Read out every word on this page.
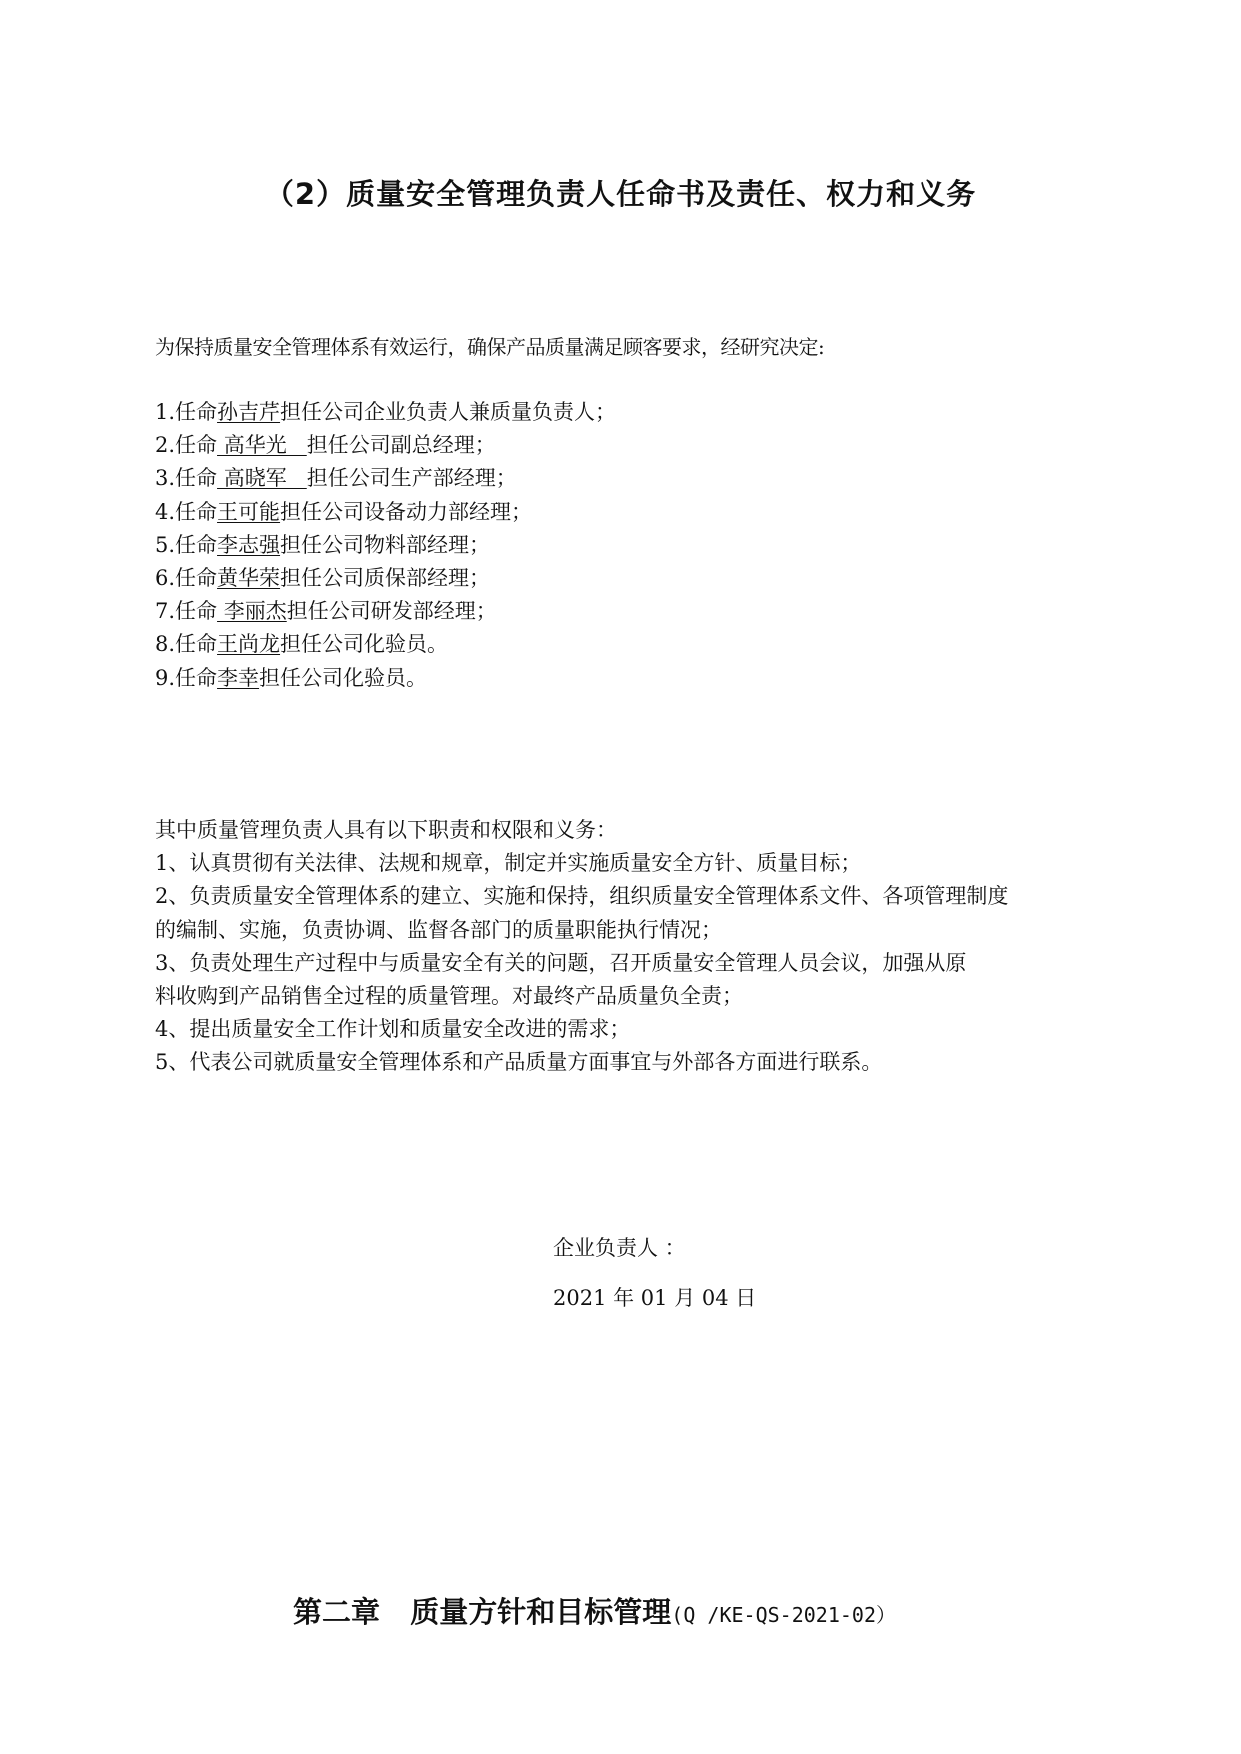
（2）质量安全管理负责人任命书及责任、权力和义务

为保持质量安全管理体系有效运行，确保产品质量满足顾客要求，经研究决定:

1.任命孙吉芹担任公司企业负责人兼质量负责人；
2.任命 高华光   担任公司副总经理；
3.任命 高晓军   担任公司生产部经理；
4.任命王可能担任公司设备动力部经理；
5.任命李志强担任公司物料部经理；
6.任命黄华荣担任公司质保部经理；
7.任命 李丽杰担任公司研发部经理；
8.任命王尚龙担任公司化验员。
9.任命李幸担任公司化验员。
其中质量管理负责人具有以下职责和权限和义务：
1、认真贯彻有关法律、法规和规章，制定并实施质量安全方针、质量目标；
2、负责质量安全管理体系的建立、实施和保持，组织质量安全管理体系文件、各项管理制度
的编制、实施，负责协调、监督各部门的质量职能执行情况；
3、负责处理生产过程中与质量安全有关的问题，召开质量安全管理人员会议，加强从原
料收购到产品销售全过程的质量管理。对最终产品质量负全责；
4、提出质量安全工作计划和质量安全改进的需求；
5、代表公司就质量安全管理体系和产品质量方面事宜与外部各方面进行联系。

企业负责人 ：

2021 年 01 月 04 日

第二章   质量方针和目标管理(Q /KE-QS-2021-02）
